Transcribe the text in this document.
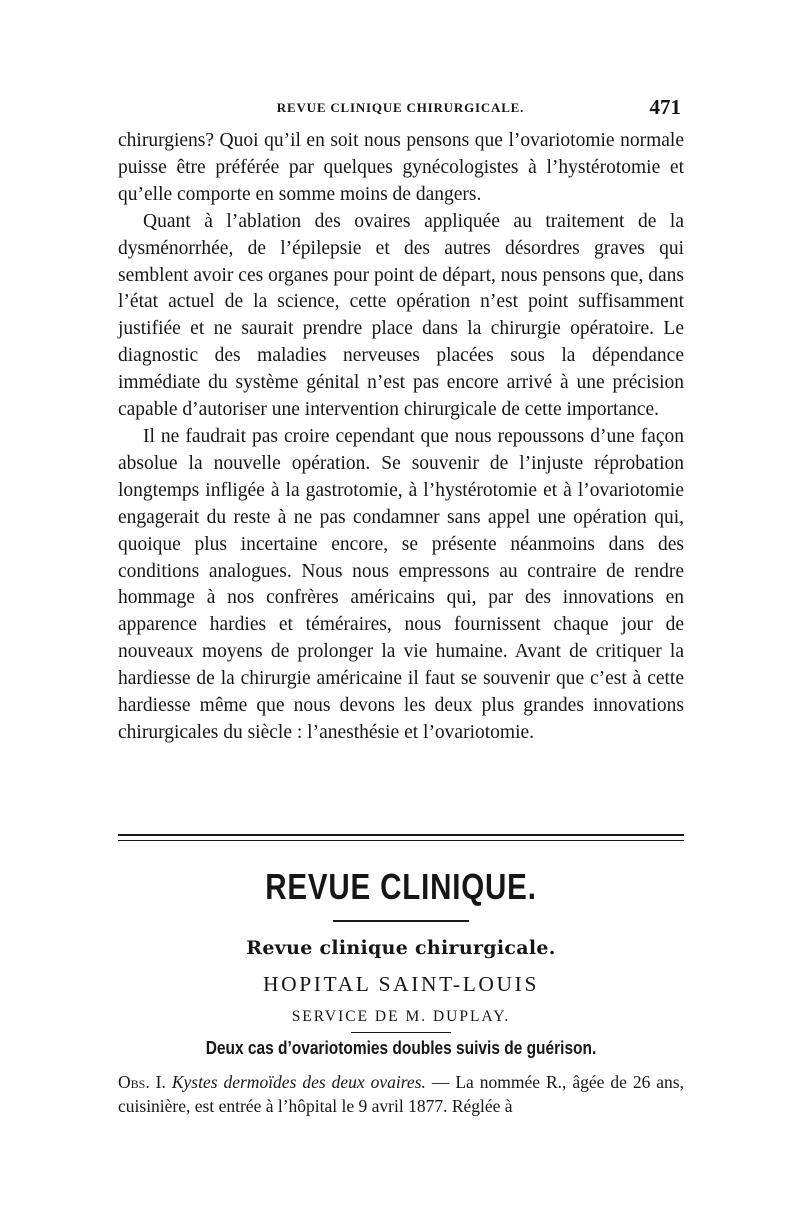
REVUE CLINIQUE CHIRURGICALE.	471

chirurgiens? Quoi qu’il en soit nous pensons que l’ovariotomie normale puisse être préférée par quelques gynécologistes à l’hystérotomie et qu’elle comporte en somme moins de dangers.

Quant à l’ablation des ovaires appliquée au traitement de la dysménorrhée, de l’épilepsie et des autres désordres graves qui semblent avoir ces organes pour point de départ, nous pensons que, dans l’état actuel de la science, cette opération n’est point suffisamment justifiée et ne saurait prendre place dans la chirurgie opératoire. Le diagnostic des maladies nerveuses placées sous la dépendance immédiate du système génital n’est pas encore arrivé à une précision capable d’autoriser une intervention chirurgicale de cette importance.

Il ne faudrait pas croire cependant que nous repoussons d’une façon absolue la nouvelle opération. Se souvenir de l’injuste réprobation longtemps infligée à la gastrotomie, à l’hystérotomie et à l’ovariotomie engagerait du reste à ne pas condamner sans appel une opération qui, quoique plus incertaine encore, se présente néanmoins dans des conditions analogues. Nous nous empressons au contraire de rendre hommage à nos confrères américains qui, par des innovations en apparence hardies et téméraires, nous fournissent chaque jour de nouveaux moyens de prolonger la vie humaine. Avant de critiquer la hardiesse de la chirurgie américaine il faut se souvenir que c’est à cette hardiesse même que nous devons les deux plus grandes innovations chirurgicales du siècle : l’anesthésie et l’ovariotomie.

REVUE CLINIQUE.
Revue clinique chirurgicale.
HOPITAL SAINT-LOUIS
SERVICE DE M. DUPLAY.
Deux cas d’ovariotomies doubles suivis de guérison.

Obs. I. Kystes dermoïdes des deux ovaires. — La nommée R., âgée de 26 ans, cuisinière, est entrée à l’hôpital le 9 avril 1877. Réglée à
